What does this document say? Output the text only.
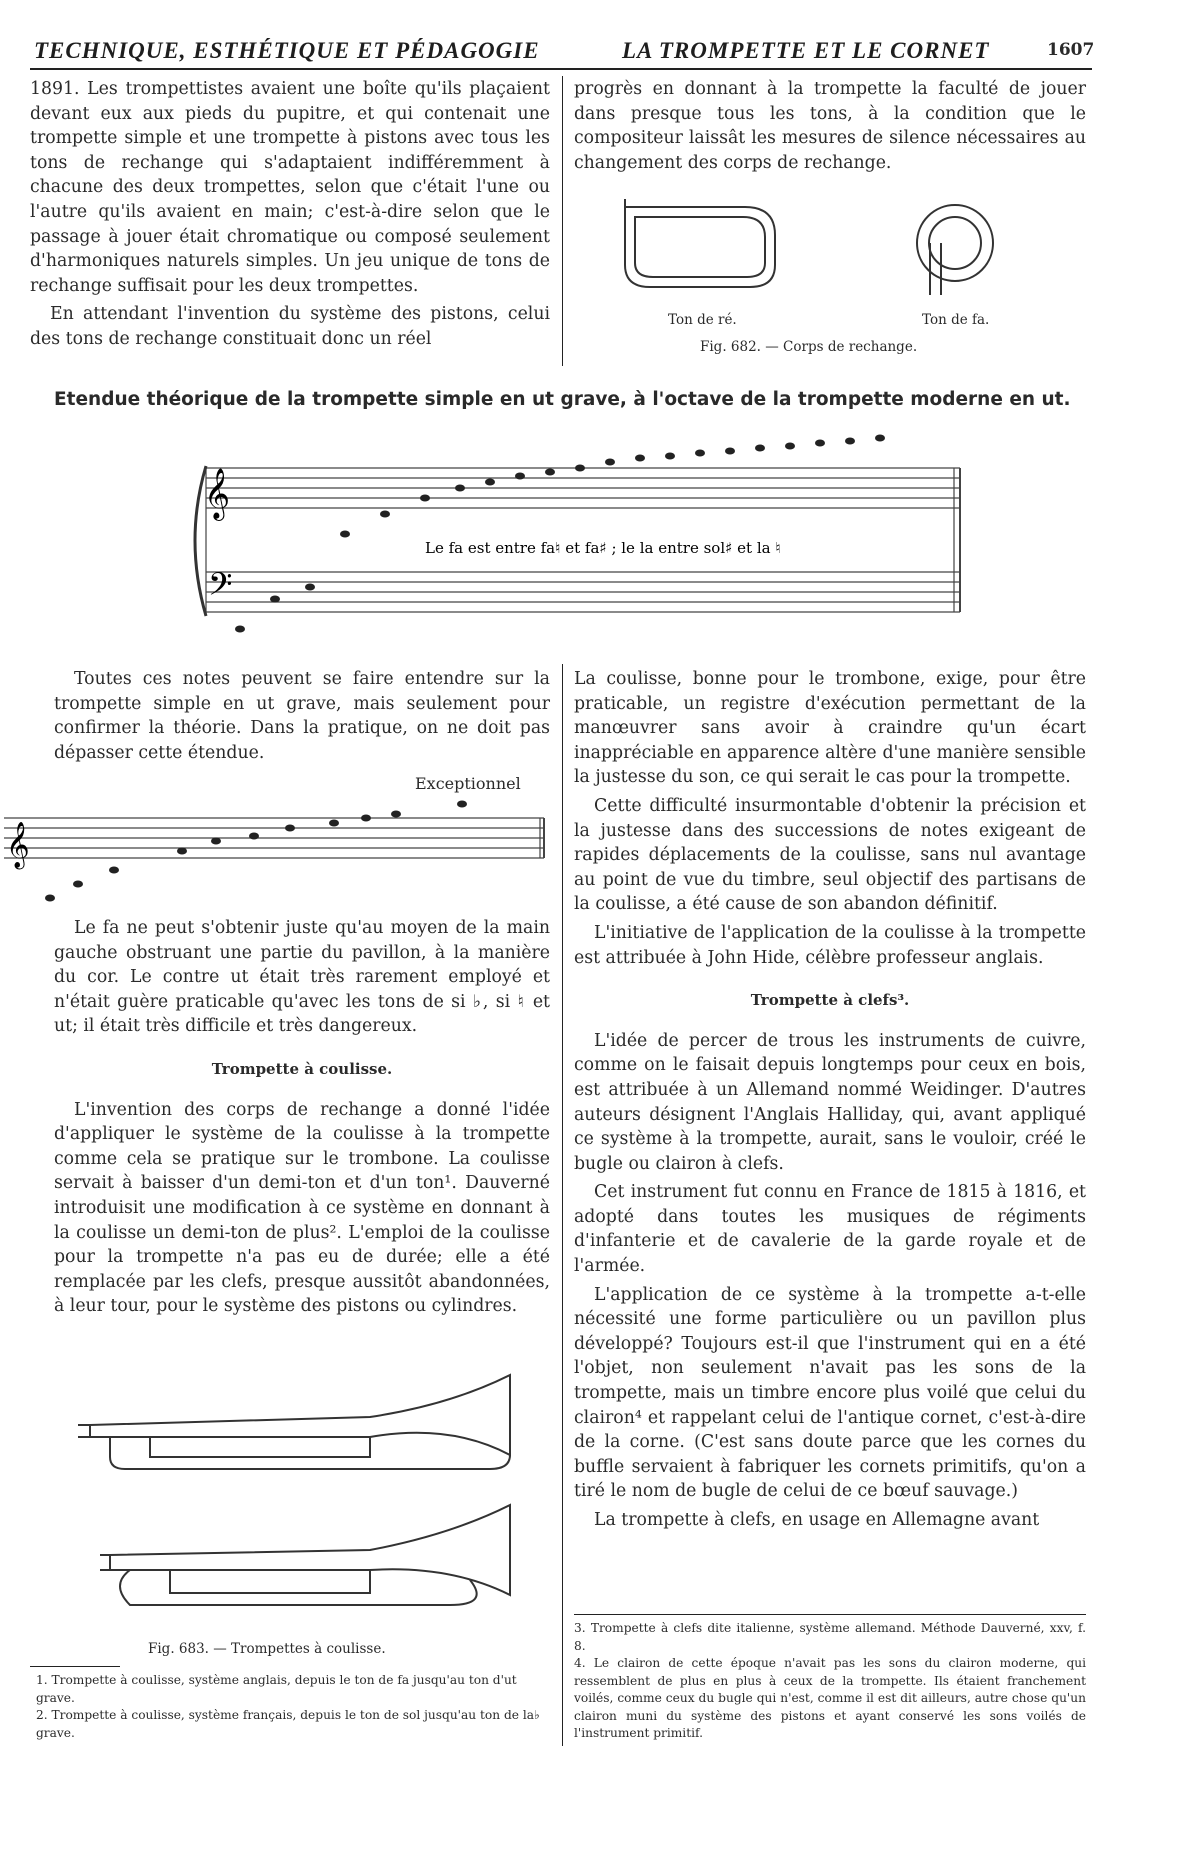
TECHNIQUE, ESTHÉTIQUE ET PÉDAGOGIE	LA TROMPETTE ET LE CORNET	1607

1891. Les trompettistes avaient une boîte qu'ils plaçaient devant eux aux pieds du pupitre, et qui contenait une trompette simple et une trompette à pistons avec tous les tons de rechange qui s'adaptaient indifféremment à chacune des deux trompettes, selon que c'était l'une ou l'autre qu'ils avaient en main; c'est-à-dire selon que le passage à jouer était chromatique ou composé seulement d'harmoniques naturels simples. Un jeu unique de tons de rechange suffisait pour les deux trompettes.

En attendant l'invention du système des pistons, celui des tons de rechange constituait donc un réel

progrès en donnant à la trompette la faculté de jouer dans presque tous les tons, à la condition que le compositeur laissât les mesures de silence nécessaires au changement des corps de rechange.

Ton de ré.	Ton de fa.
Fig. 682. — Corps de rechange.
Etendue théorique de la trompette simple en ut grave, à l'octave de la trompette moderne en ut.
𝄞
𝄢
Le fa est entre fa♮ et fa♯ ; le la entre sol♯ et la ♮

Toutes ces notes peuvent se faire entendre sur la trompette simple en ut grave, mais seulement pour confirmer la théorie. Dans la pratique, on ne doit pas dépasser cette étendue.

Exceptionnel
𝄞

Le fa ne peut s'obtenir juste qu'au moyen de la main gauche obstruant une partie du pavillon, à la manière du cor. Le contre ut était très rarement employé et n'était guère praticable qu'avec les tons de si ♭, si ♮ et ut; il était très difficile et très dangereux.

Trompette à coulisse.

L'invention des corps de rechange a donné l'idée d'appliquer le système de la coulisse à la trompette comme cela se pratique sur le trombone. La coulisse servait à baisser d'un demi-ton et d'un ton¹. Dauverné introduisit une modification à ce système en donnant à la coulisse un demi-ton de plus². L'emploi de la coulisse pour la trompette n'a pas eu de durée; elle a été remplacée par les clefs, presque aussitôt abandonnées, à leur tour, pour le système des pistons ou cylindres.

Fig. 683. — Trompettes à coulisse.

1. Trompette à coulisse, système anglais, depuis le ton de fa jusqu'au ton d'ut grave.

2. Trompette à coulisse, système français, depuis le ton de sol jusqu'au ton de la♭ grave.

La coulisse, bonne pour le trombone, exige, pour être praticable, un registre d'exécution permettant de la manœuvrer sans avoir à craindre qu'un écart inappréciable en apparence altère d'une manière sensible la justesse du son, ce qui serait le cas pour la trompette.

Cette difficulté insurmontable d'obtenir la précision et la justesse dans des successions de notes exigeant de rapides déplacements de la coulisse, sans nul avantage au point de vue du timbre, seul objectif des partisans de la coulisse, a été cause de son abandon définitif.

L'initiative de l'application de la coulisse à la trompette est attribuée à John Hide, célèbre professeur anglais.

Trompette à clefs³.

L'idée de percer de trous les instruments de cuivre, comme on le faisait depuis longtemps pour ceux en bois, est attribuée à un Allemand nommé Weidinger. D'autres auteurs désignent l'Anglais Halliday, qui, avant appliqué ce système à la trompette, aurait, sans le vouloir, créé le bugle ou clairon à clefs.

Cet instrument fut connu en France de 1815 à 1816, et adopté dans toutes les musiques de régiments d'infanterie et de cavalerie de la garde royale et de l'armée.

L'application de ce système à la trompette a-t-elle nécessité une forme particulière ou un pavillon plus développé? Toujours est-il que l'instrument qui en a été l'objet, non seulement n'avait pas les sons de la trompette, mais un timbre encore plus voilé que celui du clairon⁴ et rappelant celui de l'antique cornet, c'est-à-dire de la corne. (C'est sans doute parce que les cornes du buffle servaient à fabriquer les cornets primitifs, qu'on a tiré le nom de bugle de celui de ce bœuf sauvage.)

La trompette à clefs, en usage en Allemagne avant

3. Trompette à clefs dite italienne, système allemand. Méthode Dauverné, xxv, f. 8.

4. Le clairon de cette époque n'avait pas les sons du clairon moderne, qui ressemblent de plus en plus à ceux de la trompette. Ils étaient franchement voilés, comme ceux du bugle qui n'est, comme il est dit ailleurs, autre chose qu'un clairon muni du système des pistons et ayant conservé les sons voilés de l'instrument primitif.
